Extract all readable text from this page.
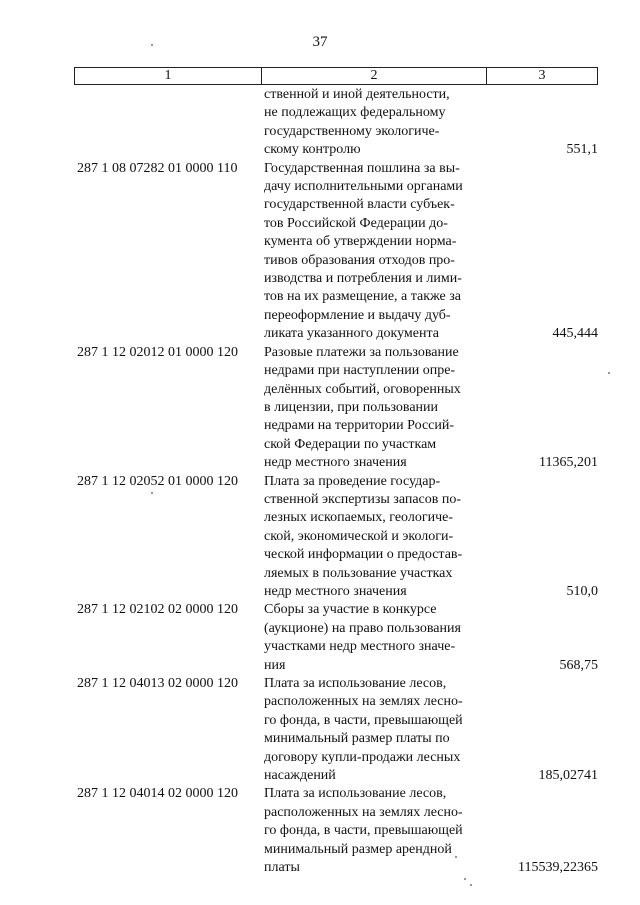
37
1	2	3
ственной и иной деятельности,
не подлежащих федеральному
государственному экологиче-
скому контролю	551,1
287 1 08 07282 01 0000 110	Государственная пошлина за вы-
дачу исполнительными органами
государственной власти субъек-
тов Российской Федерации до-
кумента об утверждении норма-
тивов образования отходов про-
изводства и потребления и лими-
тов на их размещение, а также за
переоформление и выдачу дуб-
ликата указанного документа	445,444
287 1 12 02012 01 0000 120	Разовые платежи за пользование
недрами при наступлении опре-
делённых событий, оговоренных
в лицензии, при пользовании
недрами на территории Россий-
ской Федерации по участкам
недр местного значения	11365,201
287 1 12 02052 01 0000 120	Плата за проведение государ-
ственной экспертизы запасов по-
лезных ископаемых, геологиче-
ской, экономической и экологи-
ческой информации о предостав-
ляемых в пользование участках
недр местного значения	510,0
287 1 12 02102 02 0000 120	Сборы за участие в конкурсе
(аукционе) на право пользования
участками недр местного значе-
ния	568,75
287 1 12 04013 02 0000 120	Плата за использование лесов,
расположенных на землях лесно-
го фонда, в части, превышающей
минимальный размер платы по
договору купли-продажи лесных
насаждений	185,02741
287 1 12 04014 02 0000 120	Плата за использование лесов,
расположенных на землях лесно-
го фонда, в части, превышающей
минимальный размер арендной
платы	115539,22365
